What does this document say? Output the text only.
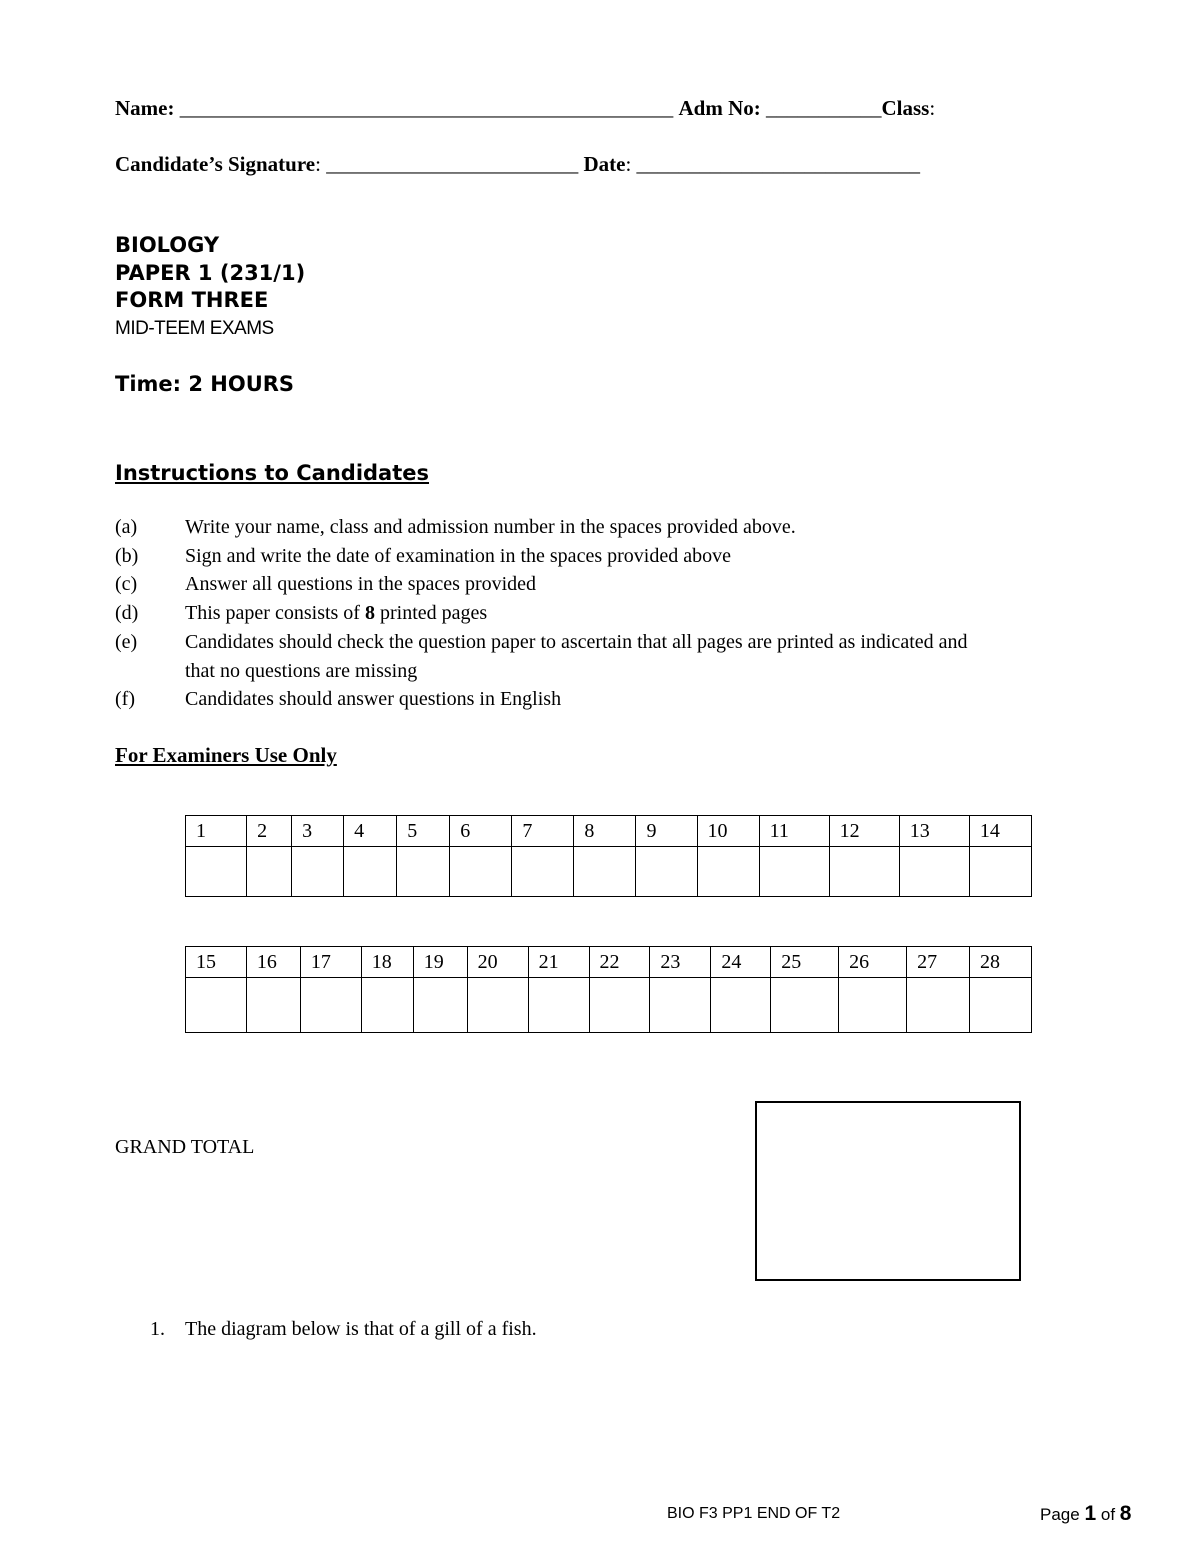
Name: _______________________________________________ Adm No: ___________Class:
Candidate’s Signature: ________________________ Date: ___________________________
BIOLOGY
PAPER 1 (231/1)
FORM THREE
MID-TEEM EXAMS
Time: 2 HOURS
Instructions to Candidates
(a) Write your name, class and admission number in the spaces provided above.
(b) Sign and write the date of examination in the spaces provided above
(c) Answer all questions in the spaces provided
(d) This paper consists of 8 printed pages
(e) Candidates should check the question paper to ascertain that all pages are printed as indicated and
that no questions are missing
(f)	Candidates should answer questions in English
For Examiners Use Only
1	2	3	4	5	6	7	8	9	10	11	12	13	14

15	16	17	18	19	20	21	22	23	24	25	26	27	28

GRAND TOTAL
1. The diagram below is that of a gill of a fish.
BIO F3 PP1 END OF T2	Page 1 of 8
